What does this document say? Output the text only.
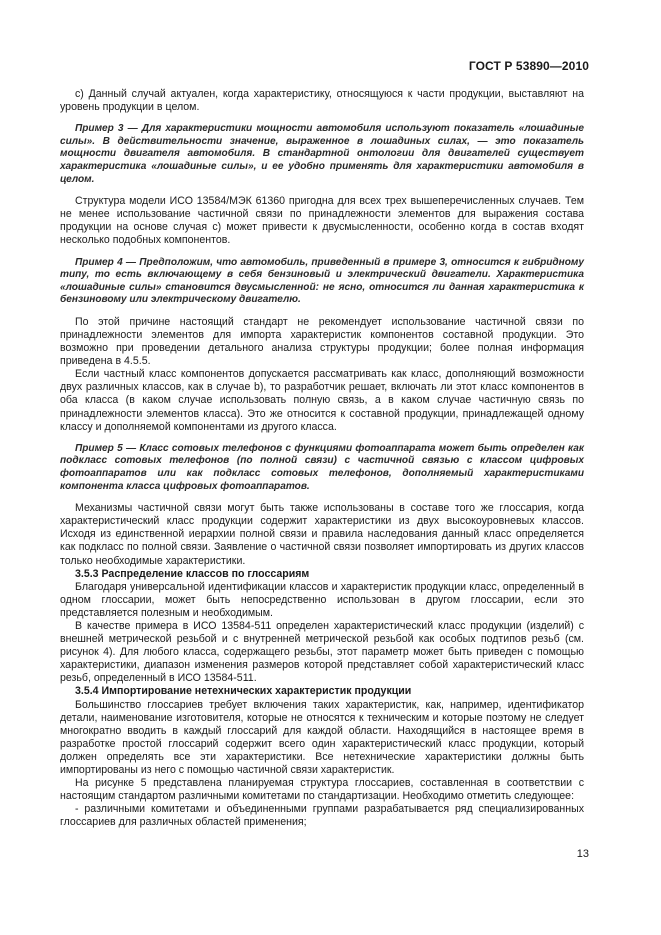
ГОСТ Р 53890—2010

c) Данный случай актуален, когда характеристику, относящуюся к части продукции, выставляют на уровень продукции в целом.

Пример 3 — Для характеристики мощности автомобиля используют показатель «лошадиные силы». В действительности значение, выраженное в лошадиных силах, — это показатель мощности двигателя автомобиля. В стандартной онтологии для двигателей существует характеристика «лошадиные силы», и ее удобно применять для характеристики автомобиля в целом.

Структура модели ИСО 13584/МЭК 61360 пригодна для всех трех вышеперечисленных случаев. Тем не менее использование частичной связи по принадлежности элементов для выражения состава продукции на основе случая c) может привести к двусмысленности, особенно когда в состав входят несколько подобных компонентов.

Пример 4 — Предположим, что автомобиль, приведенный в примере 3, относится к гибридному типу, то есть включающему в себя бензиновый и электрический двигатели. Характеристика «лошадиные силы» становится двусмысленной: не ясно, относится ли данная характеристика к бензиновому или электрическому двигателю.

По этой причине настоящий стандарт не рекомендует использование частичной связи по принадлежности элементов для импорта характеристик компонентов составной продукции. Это возможно при проведении детального анализа структуры продукции; более полная информация приведена в 4.5.5.

Если частный класс компонентов допускается рассматривать как класс, дополняющий возможности двух различных классов, как в случае b), то разработчик решает, включать ли этот класс компонентов в оба класса (в каком случае использовать полную связь, а в каком случае частичную связь по принадлежности элементов класса). Это же относится к составной продукции, принадлежащей одному классу и дополняемой компонентами из другого класса.

Пример 5 — Класс сотовых телефонов с функциями фотоаппарата может быть определен как подкласс сотовых телефонов (по полной связи) с частичной связью с классом цифровых фотоаппаратов или как подкласс сотовых телефонов, дополняемый характеристиками компонента класса цифровых фотоаппаратов.

Механизмы частичной связи могут быть также использованы в составе того же глоссария, когда характеристический класс продукции содержит характеристики из двух высокоуровневых классов. Исходя из единственной иерархии полной связи и правила наследования данный класс определяется как подкласс по полной связи. Заявление о частичной связи позволяет импортировать из других классов только необходимые характеристики.

3.5.3 Распределение классов по глоссариям

Благодаря универсальной идентификации классов и характеристик продукции класс, определенный в одном глоссарии, может быть непосредственно использован в другом глоссарии, если это представляется полезным и необходимым.

В качестве примера в ИСО 13584-511 определен характеристический класс продукции (изделий) с внешней метрической резьбой и с внутренней метрической резьбой как особых подтипов резьб (см. рисунок 4). Для любого класса, содержащего резьбы, этот параметр может быть приведен с помощью характеристики, диапазон изменения размеров которой представляет собой характеристический класс резьб, определенный в ИСО 13584-511.

3.5.4 Импортирование нетехнических характеристик продукции

Большинство глоссариев требует включения таких характеристик, как, например, идентификатор детали, наименование изготовителя, которые не относятся к техническим и которые поэтому не следует многократно вводить в каждый глоссарий для каждой области. Находящийся в настоящее время в разработке простой глоссарий содержит всего один характеристический класс продукции, который должен определять все эти характеристики. Все нетехнические характеристики должны быть импортированы из него с помощью частичной связи характеристик.

На рисунке 5 представлена планируемая структура глоссариев, составленная в соответствии с настоящим стандартом различными комитетами по стандартизации. Необходимо отметить следующее:

- различными комитетами и объединенными группами разрабатывается ряд специализированных глоссариев для различных областей применения;

13
